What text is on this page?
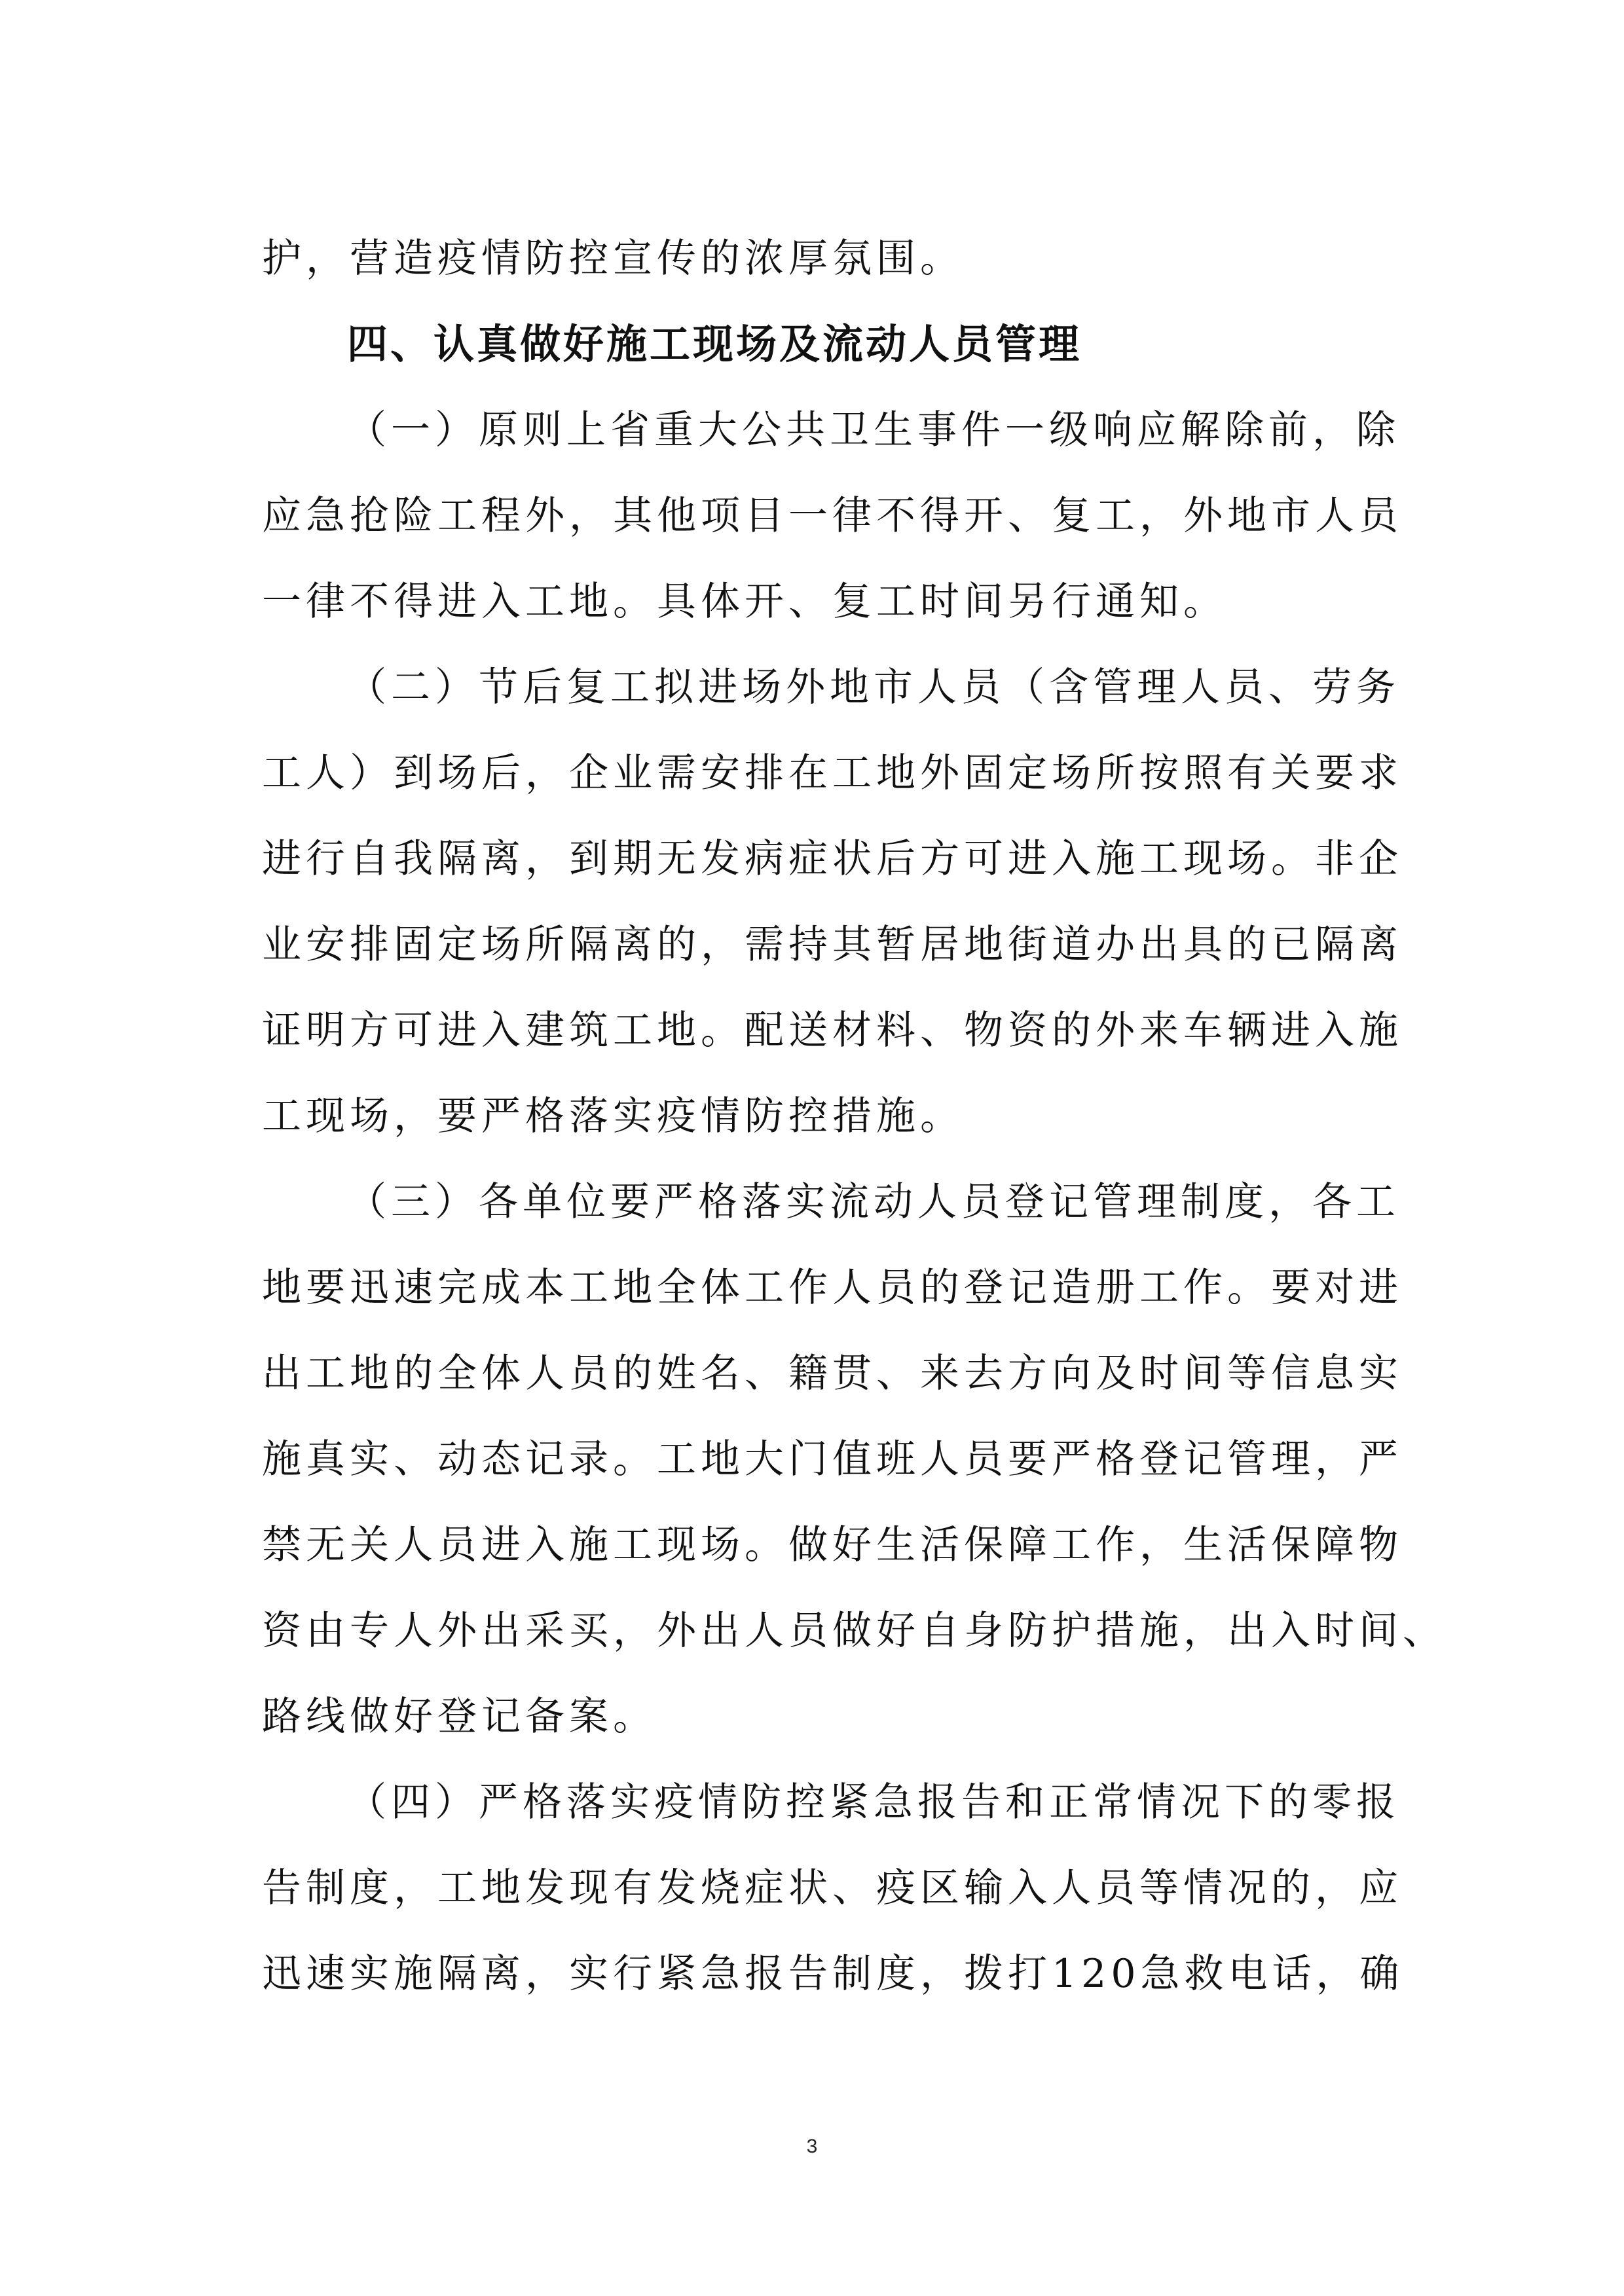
护，营造疫情防控宣传的浓厚氛围。
四、认真做好施工现场及流动人员管理
（一）原则上省重大公共卫生事件一级响应解除前，除
应急抢险工程外，其他项目一律不得开、复工，外地市人员
一律不得进入工地。具体开、复工时间另行通知。
（二）节后复工拟进场外地市人员（含管理人员、劳务
工人）到场后，企业需安排在工地外固定场所按照有关要求
进行自我隔离，到期无发病症状后方可进入施工现场。非企
业安排固定场所隔离的，需持其暂居地街道办出具的已隔离
证明方可进入建筑工地。配送材料、物资的外来车辆进入施
工现场，要严格落实疫情防控措施。
（三）各单位要严格落实流动人员登记管理制度，各工
地要迅速完成本工地全体工作人员的登记造册工作。要对进
出工地的全体人员的姓名、籍贯、来去方向及时间等信息实
施真实、动态记录。工地大门值班人员要严格登记管理，严
禁无关人员进入施工现场。做好生活保障工作，生活保障物
资由专人外出采买，外出人员做好自身防护措施，出入时间、
路线做好登记备案。
（四）严格落实疫情防控紧急报告和正常情况下的零报
告制度，工地发现有发烧症状、疫区输入人员等情况的，应
迅速实施隔离，实行紧急报告制度，拨打120急救电话，确
3
